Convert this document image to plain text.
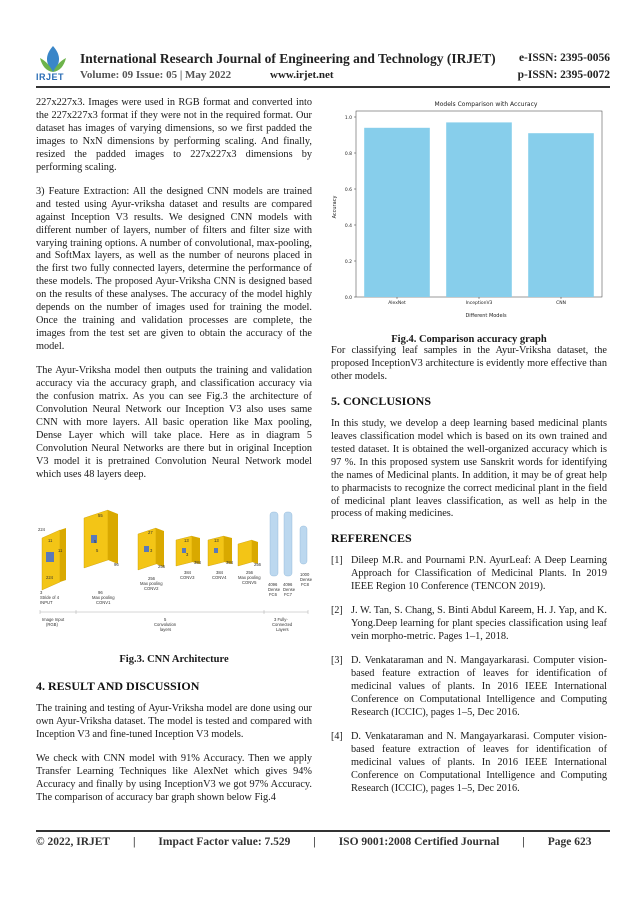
IRJET
International Research Journal of Engineering and Technology (IRJET)
Volume: 09 Issue: 05 | May 2022	www.irjet.net
e-ISSN: 2395-0056
p-ISSN: 2395-0072

227x227x3. Images were used in RGB format and converted into the 227x227x3 format if they were not in the required format. Our dataset has images of varying dimensions, so we first padded the images to NxN dimensions by performing scaling. And finally, resized the padded images to 227x227x3 dimensions by performing scaling.

3) Feature Extraction: All the designed CNN models are trained and tested using Ayur-vriksha dataset and results are compared against Inception V3 results. We designed CNN models with different number of layers, number of filters and filter size with varying training options. A number of convolutional, max-pooling, and SoftMax layers, as well as the number of neurons placed in the first two fully connected layers, determine the performance of these models. The proposed Ayur-Vriksha CNN is designed based on the results of these analyses. The accuracy of the model highly depends on the number of images used for training the model. Once the training and validation processes are complete, the images from the test set are given to obtain the accuracy of the model.

The Ayur-Vriksha model then outputs the training and validation accuracy via the accuracy graph, and classification accuracy via the confusion matrix. As you can see Fig.3 the architecture of Convolution Neural Network our Inception V3 also uses same CNN with more layers. All basic operation like Max pooling, Dense Layer which will take place. Here as in diagram 5 Convolution Neural Networks are there but in original Inception V3 model it is pretrained Convolution Neural Network model which uses 48 layers deep.

224
224
11
11
55
5
5
96
27
256
3
13
384
3
13
384	256
3
Stride of 4
INPUT
96
Max pooling
CONV1
256
Max pooling
CONV2
384
CONV3
384
CONV4
256
Max pooling
CONV5	4096
Dense
FC6
4096
Dense
FC7
1000
Dense
FC8
Image Input
(RGB)
5
Convolution
layers
3 Fully-
Connected
Layers
Fig.3. CNN Architecture
4. RESULT AND DISCUSSION

The training and testing of Ayur-Vriksha model are done using our own Ayur-Vriksha dataset. The model is tested and compared with Inception V3 and fine-tuned Inception V3 models.

We check with CNN model with 91% Accuracy. Then we apply Transfer Learning Techniques like AlexNet which gives 94% Accuracy and finally by using InceptionV3 we got 97% Accuracy. The comparison of accuracy bar graph shown below Fig.4

Models Comparison with Accuracy
Accuracy
Different Models
0.0
0.2
0.4
0.6
0.8
1.0
AlexNet	InceptionV3	CNN
Fig.4. Comparison accuracy graph

For classifying leaf samples in the Ayur-Vriksha dataset, the proposed InceptionV3 architecture is evidently more effective than other models.

5. CONCLUSIONS

In this study, we develop a deep learning based medicinal plants leaves classification model which is based on its own trained and tested dataset. It is obtained the well-organized accuracy which is 97 %. In this proposed system use Sanskrit words for identifying the names of Medicinal plants. In addition, it may be of great help to pharmacists to recognize the correct medicinal plant in the field of medicinal plant leaves classification, as well as help in the process of making medicines.

REFERENCES
[1] Dileep M.R. and Pournami P.N. AyurLeaf: A Deep Learning Approach for Classification of Medicinal Plants. In 2019 IEEE Region 10 Conference (TENCON 2019).
[2] J. W. Tan, S. Chang, S. Binti Abdul Kareem, H. J. Yap, and K. Yong.Deep learning for plant species classification using leaf vein morpho-metric. Pages 1–1, 2018.
[3] D. Venkataraman and N. Mangayarkarasi. Computer vision-based feature extraction of leaves for identification of medicinal values of plants. In 2016 IEEE International Conference on Computational Intelligence and Computing Research (ICCIC), pages 1–5, Dec 2016.
[4] D. Venkataraman and N. Mangayarkarasi. Computer vision-based feature extraction of leaves for identification of medicinal values of plants. In 2016 IEEE International Conference on Computational Intelligence and Computing Research (ICCIC), pages 1–5, Dec 2016.
© 2022, IRJET | Impact Factor value: 7.529 | ISO 9001:2008 Certified Journal | Page 623
